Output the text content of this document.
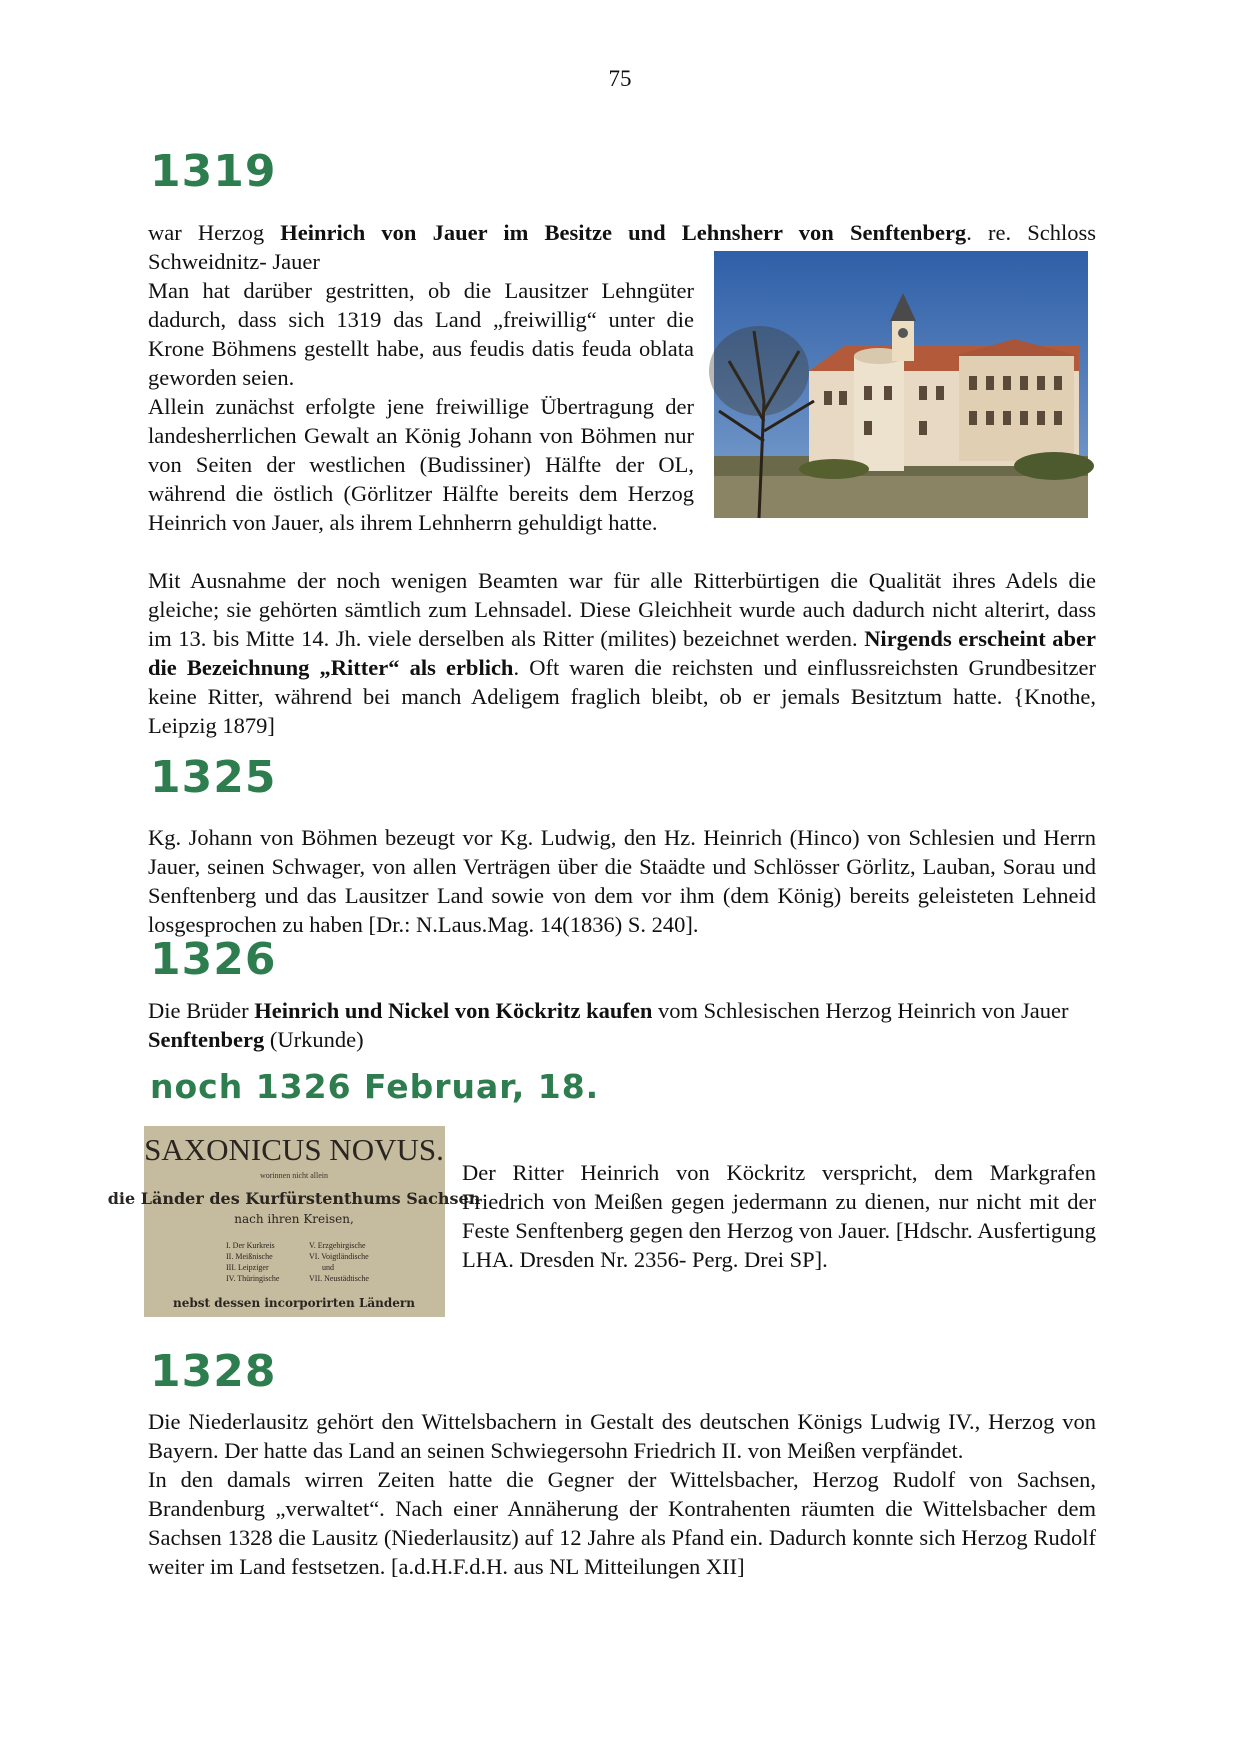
75
1319

war Herzog Heinrich von Jauer im Besitze und Lehnsherr von Senftenberg. re. Schloss

Schweidnitz- Jauer

Man hat darüber gestritten, ob die Lausitzer Lehngüter dadurch, dass sich 1319 das Land „freiwillig“ unter die Krone Böhmens gestellt habe, aus feudis datis feuda oblata geworden seien.

Allein zunächst erfolgte jene freiwillige Übertragung der landesherrlichen Gewalt an König Johann von Böhmen nur von Seiten der westlichen (Budissiner) Hälfte der OL, während die östlich (Görlitzer Hälfte bereits dem Herzog Heinrich von Jauer, als ihrem Lehnherrn gehuldigt hatte.

Mit Ausnahme der noch wenigen Beamten war für alle Ritterbürtigen die Qualität ihres Adels die gleiche; sie gehörten sämtlich zum Lehnsadel. Diese Gleichheit wurde auch dadurch nicht alterirt, dass im 13. bis Mitte 14. Jh. viele derselben als Ritter (milites) bezeichnet werden. Nirgends erscheint aber die Bezeichnung „Ritter“ als erblich. Oft waren die reichsten und einflussreichsten Grundbesitzer keine Ritter, während bei manch Adeligem fraglich bleibt, ob er jemals Besitztum hatte. {Knothe, Leipzig 1879]

1325
Kg. Johann von Böhmen bezeugt vor Kg. Ludwig, den Hz. Heinrich (Hinco) von Schlesien und Herrn Jauer, seinen Schwager, von allen Verträgen über die Staädte und Schlösser Görlitz, Lauban, Sorau und Senftenberg und das Lausitzer Land sowie von dem vor ihm (dem König) bereits geleisteten Lehneid losgesprochen zu haben [Dr.: N.Laus.Mag. 14(1836) S. 240].
1326
Die Brüder Heinrich und Nickel von Köckritz kaufen vom Schlesischen Herzog Heinrich von Jauer Senftenberg (Urkunde)
noch 1326 Februar, 18.
SAXONICUS NOVUS.
worinnen nicht allein
die Länder des Kurfürstenthums Sachsen
nach ihren Kreisen,
I. Der Kurkreis
II. Meißnische
III. Leipziger
IV. Thüringische
V. Erzgebirgische
VI. Voigtländische
und
VII. Neustädtische
nebst dessen incorporirten Ländern
Der Ritter Heinrich von Köckritz verspricht, dem Markgrafen Friedrich von Meißen gegen jedermann zu dienen, nur nicht mit der Feste Senftenberg gegen den Herzog von Jauer. [Hdschr. Ausfertigung LHA. Dresden Nr. 2356- Perg. Drei SP].
1328

Die Niederlausitz gehört den Wittelsbachern in Gestalt des deutschen Königs Ludwig IV., Herzog von Bayern. Der hatte das Land an seinen Schwiegersohn Friedrich II. von Meißen verpfändet.

In den damals wirren Zeiten hatte die Gegner der Wittelsbacher, Herzog Rudolf von Sachsen, Brandenburg „verwaltet“. Nach einer Annäherung der Kontrahenten räumten die Wittelsbacher dem Sachsen 1328 die Lausitz (Niederlausitz) auf 12 Jahre als Pfand ein. Dadurch konnte sich Herzog Rudolf weiter im Land festsetzen. [a.d.H.F.d.H. aus NL Mitteilungen XII]
